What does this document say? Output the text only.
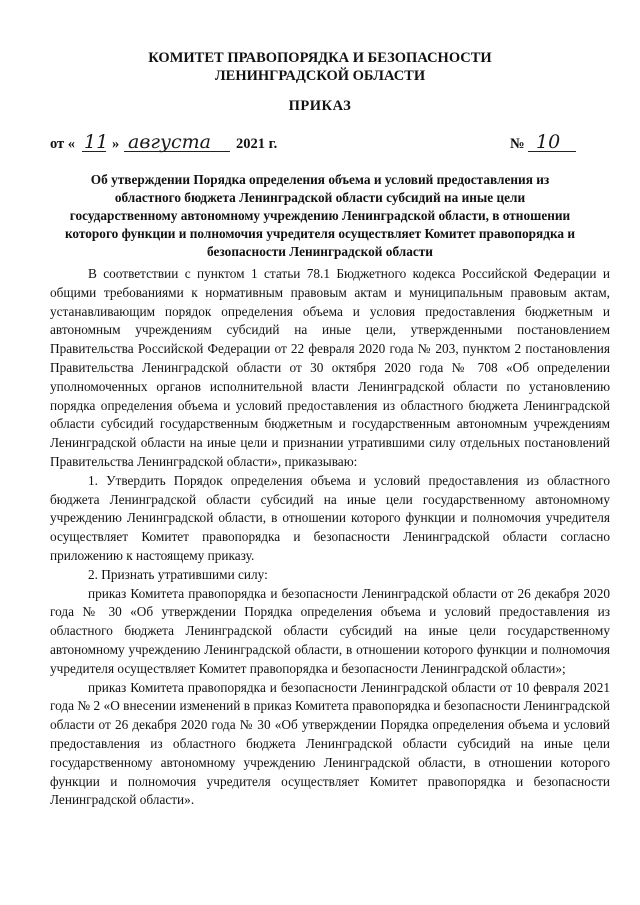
КОМИТЕТ ПРАВОПОРЯДКА И БЕЗОПАСНОСТИ
ЛЕНИНГРАДСКОЙ ОБЛАСТИ
ПРИКАЗ
от « 11 » августа 2021 г.	№ 10
Об утверждении Порядка определения объема и условий предоставления из областного бюджета Ленинградской области субсидий на иные цели государственному автономному учреждению Ленинградской области, в отношении которого функции и полномочия учредителя осуществляет Комитет правопорядка и безопасности Ленинградской области

В соответствии с пунктом 1 статьи 78.1 Бюджетного кодекса Российской Федерации и общими требованиями к нормативным правовым актам и муниципальным правовым актам, устанавливающим порядок определения объема и условия предоставления бюджетным и автономным учреждениям субсидий на иные цели, утвержденными постановлением Правительства Российской Федерации от 22 февраля 2020 года № 203, пунктом 2 постановления Правительства Ленинградской области от 30 октября 2020 года № 708 «Об определении уполномоченных органов исполнительной власти Ленинградской области по установлению порядка определения объема и условий предоставления из областного бюджета Ленинградской области субсидий государственным бюджетным и государственным автономным учреждениям Ленинградской области на иные цели и признании утратившими силу отдельных постановлений Правительства Ленинградской области», приказываю:

1. Утвердить Порядок определения объема и условий предоставления из областного бюджета Ленинградской области субсидий на иные цели государственному автономному учреждению Ленинградской области, в отношении которого функции и полномочия учредителя осуществляет Комитет правопорядка и безопасности Ленинградской области согласно приложению к настоящему приказу.

2. Признать утратившими силу:

приказ Комитета правопорядка и безопасности Ленинградской области от 26 декабря 2020 года № 30 «Об утверждении Порядка определения объема и условий предоставления из областного бюджета Ленинградской области субсидий на иные цели государственному автономному учреждению Ленинградской области, в отношении которого функции и полномочия учредителя осуществляет Комитет правопорядка и безопасности Ленинградской области»;

приказ Комитета правопорядка и безопасности Ленинградской области от 10 февраля 2021 года № 2 «О внесении изменений в приказ Комитета правопорядка и безопасности Ленинградской области от 26 декабря 2020 года № 30 «Об утверждении Порядка определения объема и условий предоставления из областного бюджета Ленинградской области субсидий на иные цели государственному автономному учреждению Ленинградской области, в отношении которого функции и полномочия учредителя осуществляет Комитет правопорядка и безопасности Ленинградской области».
